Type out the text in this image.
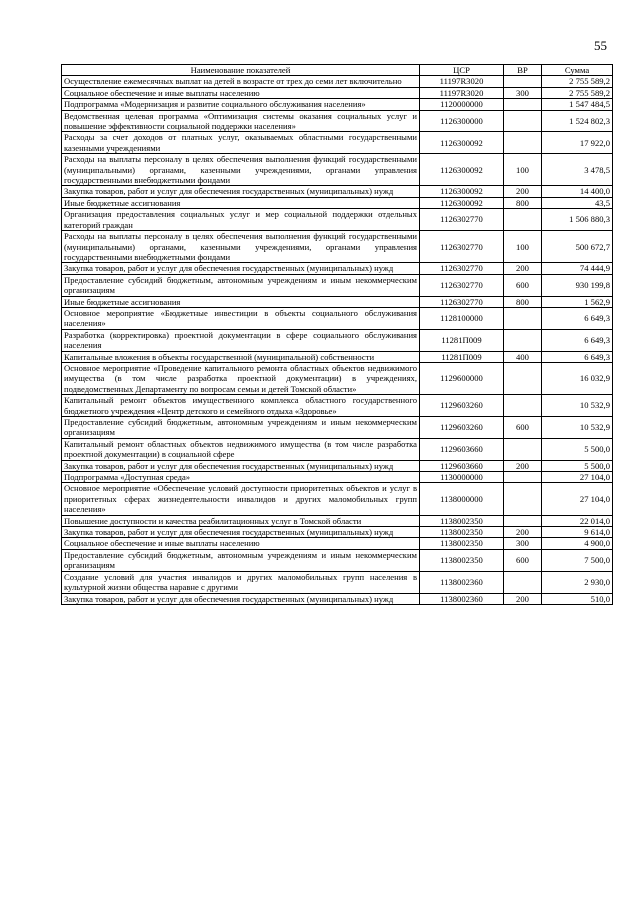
55
Наименование показателей	ЦСР	ВР	Сумма
Осуществление ежемесячных выплат на детей в возрасте от трех до семи лет включительно	11197R3020		2 755 589,2
Социальное обеспечение и иные выплаты населению	11197R3020	300	2 755 589,2
Подпрограмма «Модернизация и развитие социального обслуживания населения»	1120000000		1 547 484,5
Ведомственная целевая программа «Оптимизация системы оказания социальных услуг и повышение эффективности социальной поддержки населения»	1126300000		1 524 802,3
Расходы за счет доходов от платных услуг, оказываемых областными государственными казенными учреждениями	1126300092		17 922,0
Расходы на выплаты персоналу в целях обеспечения выполнения функций государственными (муниципальными) органами, казенными учреждениями, органами управления государственными внебюджетными фондами	1126300092	100	3 478,5
Закупка товаров, работ и услуг для обеспечения государственных (муниципальных) нужд	1126300092	200	14 400,0
Иные бюджетные ассигнования	1126300092	800	43,5
Организация предоставления социальных услуг и мер социальной поддержки отдельных категорий граждан	1126302770		1 506 880,3
Расходы на выплаты персоналу в целях обеспечения выполнения функций государственными (муниципальными) органами, казенными учреждениями, органами управления государственными внебюджетными фондами	1126302770	100	500 672,7
Закупка товаров, работ и услуг для обеспечения государственных (муниципальных) нужд	1126302770	200	74 444,9
Предоставление субсидий бюджетным, автономным учреждениям и иным некоммерческим организациям	1126302770	600	930 199,8
Иные бюджетные ассигнования	1126302770	800	1 562,9
Основное мероприятие «Бюджетные инвестиции в объекты социального обслуживания населения»	1128100000		6 649,3
Разработка (корректировка) проектной документации в сфере социального обслуживания населения	11281П009		6 649,3
Капитальные вложения в объекты государственной (муниципальной) собственности	11281П009	400	6 649,3
Основное мероприятие «Проведение капитального ремонта областных объектов недвижимого имущества (в том числе разработка проектной документации) в учреждениях, подведомственных Департаменту по вопросам семьи и детей Томской области»	1129600000		16 032,9
Капитальный ремонт объектов имущественного комплекса областного государственного бюджетного учреждения «Центр детского и семейного отдыха «Здоровье»	1129603260		10 532,9
Предоставление субсидий бюджетным, автономным учреждениям и иным некоммерческим организациям	1129603260	600	10 532,9
Капитальный ремонт областных объектов недвижимого имущества (в том числе разработка проектной документации) в социальной сфере	1129603660		5 500,0
Закупка товаров, работ и услуг для обеспечения государственных (муниципальных) нужд	1129603660	200	5 500,0
Подпрограмма «Доступная среда»	1130000000		27 104,0
Основное мероприятие «Обеспечение условий доступности приоритетных объектов и услуг в приоритетных сферах жизнедеятельности инвалидов и других маломобильных групп населения»	1138000000		27 104,0
Повышение доступности и качества реабилитационных услуг в Томской области	1138002350		22 014,0
Закупка товаров, работ и услуг для обеспечения государственных (муниципальных) нужд	1138002350	200	9 614,0
Социальное обеспечение и иные выплаты населению	1138002350	300	4 900,0
Предоставление субсидий бюджетным, автономным учреждениям и иным некоммерческим организациям	1138002350	600	7 500,0
Создание условий для участия инвалидов и других маломобильных групп населения в культурной жизни общества наравне с другими	1138002360		2 930,0
Закупка товаров, работ и услуг для обеспечения государственных (муниципальных) нужд	1138002360	200	510,0
